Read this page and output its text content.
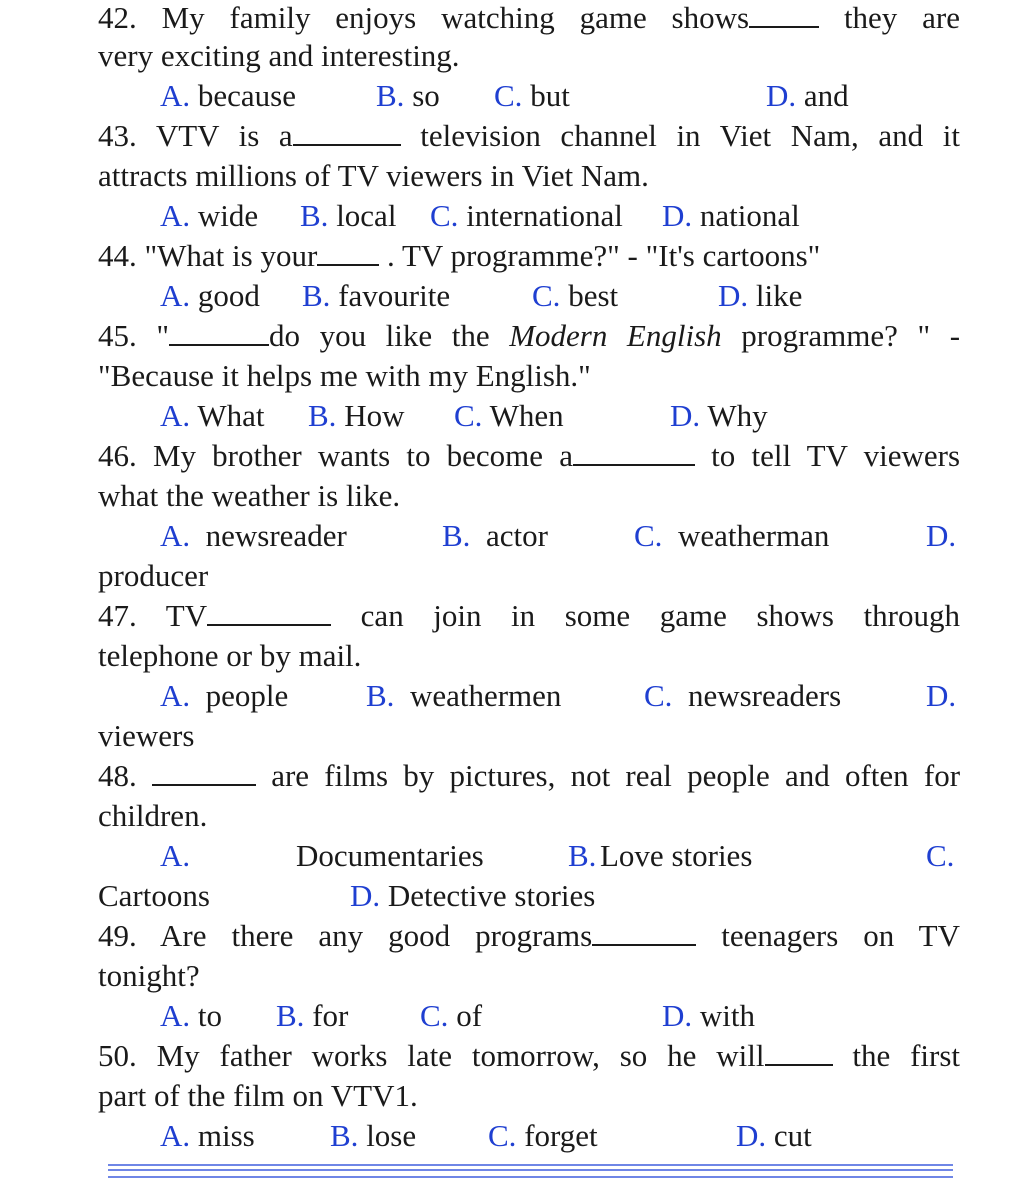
42. My family enjoys watching game shows	they are
very exciting and interesting.
A. because	B. so C. but	D. and
43. VTV is a	television channel in Viet Nam, and it
attracts millions of TV viewers in Viet Nam.
A. wide B. local C. international D. national
44. "What is your . TV programme?" - "It's cartoons"
A. good B. favourite	C. best	D. like
45. "	do you like the Modern English programme? " -
"Because it helps me with my English."
A. What B. How C. When	D. Why
46. My brother wants to become a	to tell TV viewers
what the weather is like.
A. newsreader	B. actor	C. weatherman	D.
producer
47. TV	can join in some game shows through
telephone or by mail.
A. people	B. weathermen	C. newsreaders	D.
viewers
48.	are films by pictures, not real people and often for
children.
A.	Documentaries	B. Love stories	C.
Cartoons	D. Detective stories
49. Are there any good programs	teenagers on TV
tonight?
A. to B. for C. of	D. with
50. My father works late tomorrow, so he will	the first
part of the film on VTV1.
A. miss B. lose C. forget	D. cut
